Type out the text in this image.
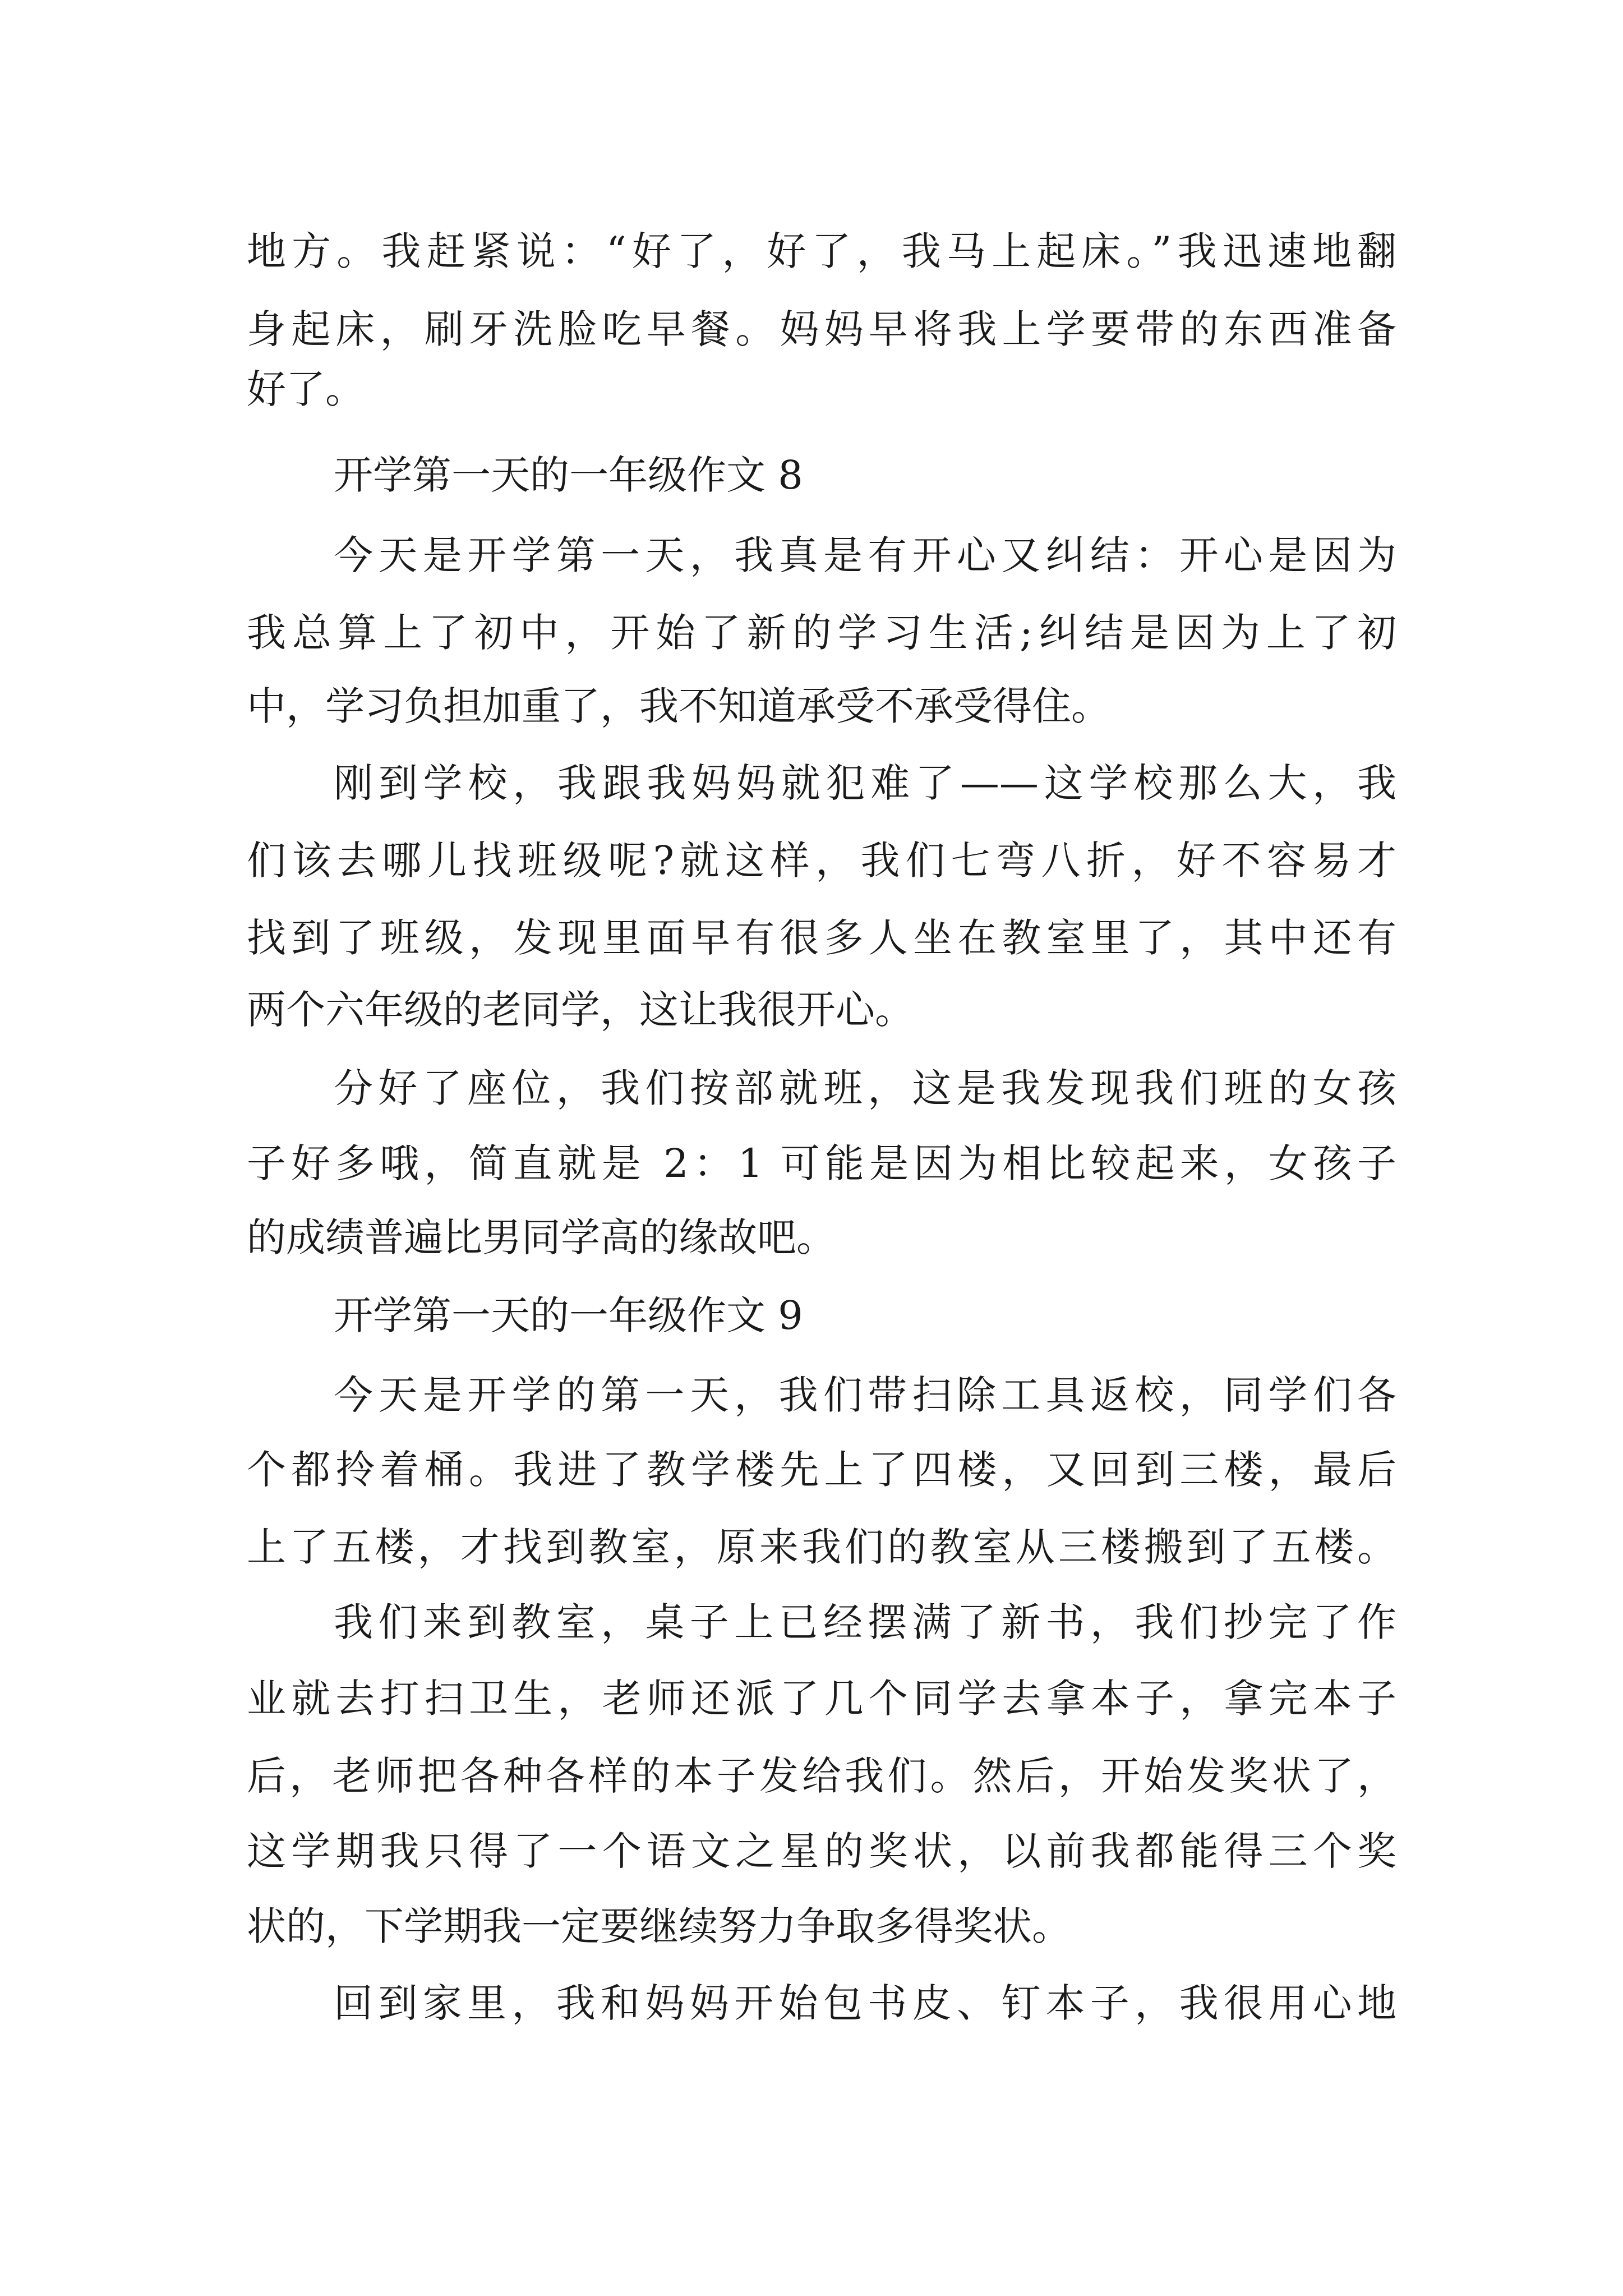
地方。我赶紧说：“好了，好了，我马上起床。”我迅速地翻
身起床，刷牙洗脸吃早餐。妈妈早将我上学要带的东西准备
好了。
开学第一天的一年级作文 8
今天是开学第一天，我真是有开心又纠结：开心是因为
我总算上了初中，开始了新的学习生活;纠结是因为上了初
中，学习负担加重了，我不知道承受不承受得住。
刚到学校，我跟我妈妈就犯难了——这学校那么大，我
们该去哪儿找班级呢?就这样，我们七弯八折，好不容易才
找到了班级，发现里面早有很多人坐在教室里了，其中还有
两个六年级的老同学，这让我很开心。
分好了座位，我们按部就班，这是我发现我们班的女孩
子好多哦，简直就是 2：1 可能是因为相比较起来，女孩子
的成绩普遍比男同学高的缘故吧。
开学第一天的一年级作文 9
今天是开学的第一天，我们带扫除工具返校，同学们各
个都拎着桶。我进了教学楼先上了四楼，又回到三楼，最后
上了五楼，才找到教室，原来我们的教室从三楼搬到了五楼。
我们来到教室，桌子上已经摆满了新书，我们抄完了作
业就去打扫卫生，老师还派了几个同学去拿本子，拿完本子
后，老师把各种各样的本子发给我们。然后，开始发奖状了，
这学期我只得了一个语文之星的奖状，以前我都能得三个奖
状的，下学期我一定要继续努力争取多得奖状。
回到家里，我和妈妈开始包书皮、钉本子，我很用心地
